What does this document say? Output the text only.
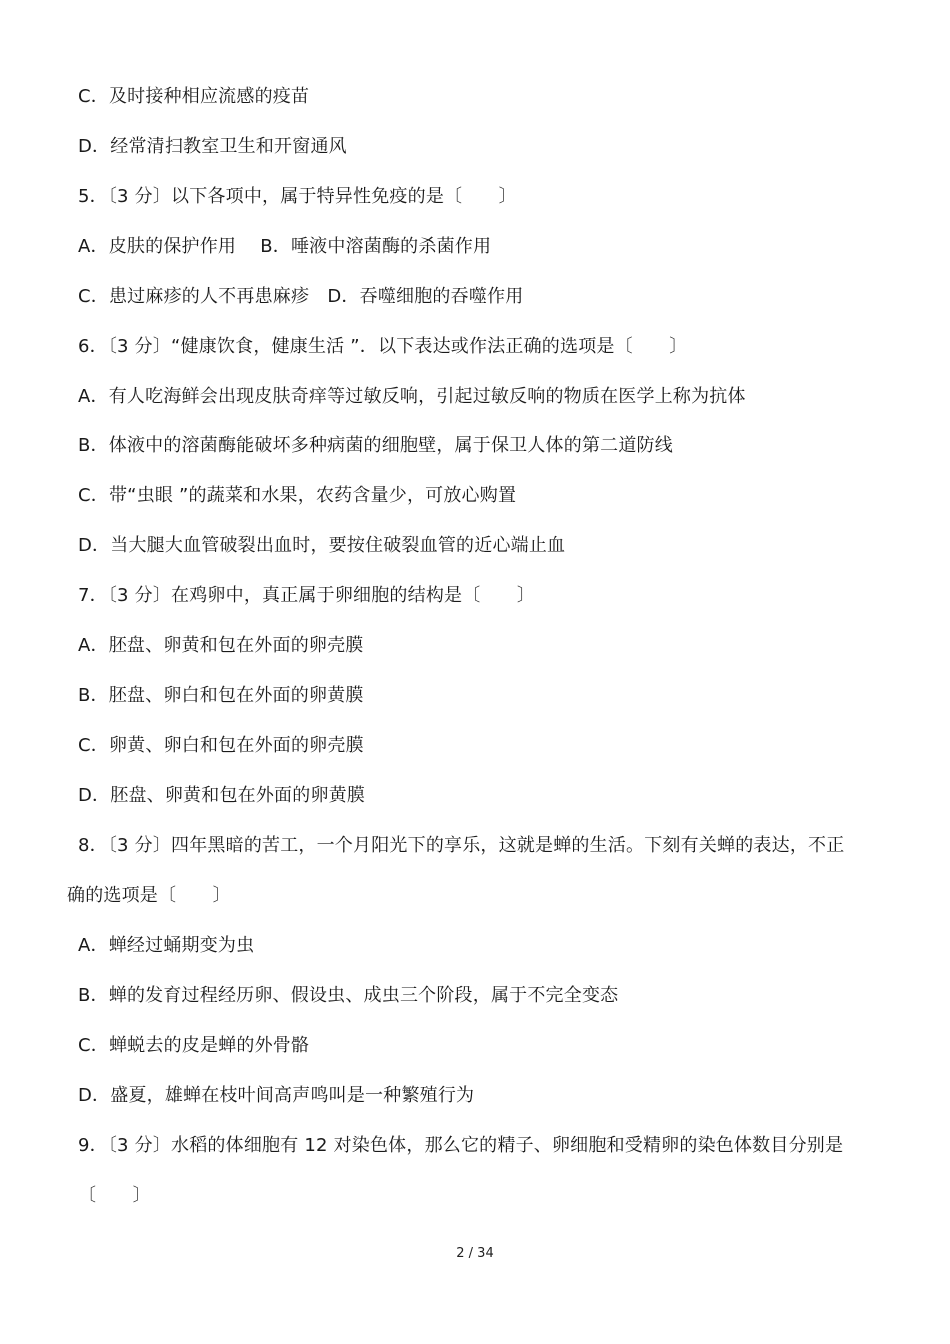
C．及时接种相应流感的疫苗
D．经常清扫教室卫生和开窗通风
5．〔3 分〕以下各项中，属于特异性免疫的是〔　　〕
A．皮肤的保护作用　 B．唾液中溶菌酶的杀菌作用
C．患过麻疹的人不再患麻疹　D．吞噬细胞的吞噬作用
6．〔3 分〕“健康饮食，健康生活 ”．以下表达或作法正确的选项是〔　　〕
A．有人吃海鲜会出现皮肤奇痒等过敏反响，引起过敏反响的物质在医学上称为抗体
B．体液中的溶菌酶能破坏多种病菌的细胞壁，属于保卫人体的第二道防线
C．带“虫眼 ”的蔬菜和水果，农药含量少，可放心购置
D．当大腿大血管破裂出血时，要按住破裂血管的近心端止血
7．〔3 分〕在鸡卵中，真正属于卵细胞的结构是〔　　〕
A．胚盘、卵黄和包在外面的卵壳膜
B．胚盘、卵白和包在外面的卵黄膜
C．卵黄、卵白和包在外面的卵壳膜
D．胚盘、卵黄和包在外面的卵黄膜
8．〔3 分〕四年黑暗的苦工，一个月阳光下的享乐，这就是蝉的生活。下刻有关蝉的表达，不正
确的选项是〔　　〕
A．蝉经过蛹期变为虫
B．蝉的发育过程经历卵、假设虫、成虫三个阶段，属于不完全变态
C．蝉蜕去的皮是蝉的外骨骼
D．盛夏，雄蝉在枝叶间高声鸣叫是一种繁殖行为
9．〔3 分〕水稻的体细胞有 12 对染色体，那么它的精子、卵细胞和受精卵的染色体数目分别是
〔　　〕
2 / 34
